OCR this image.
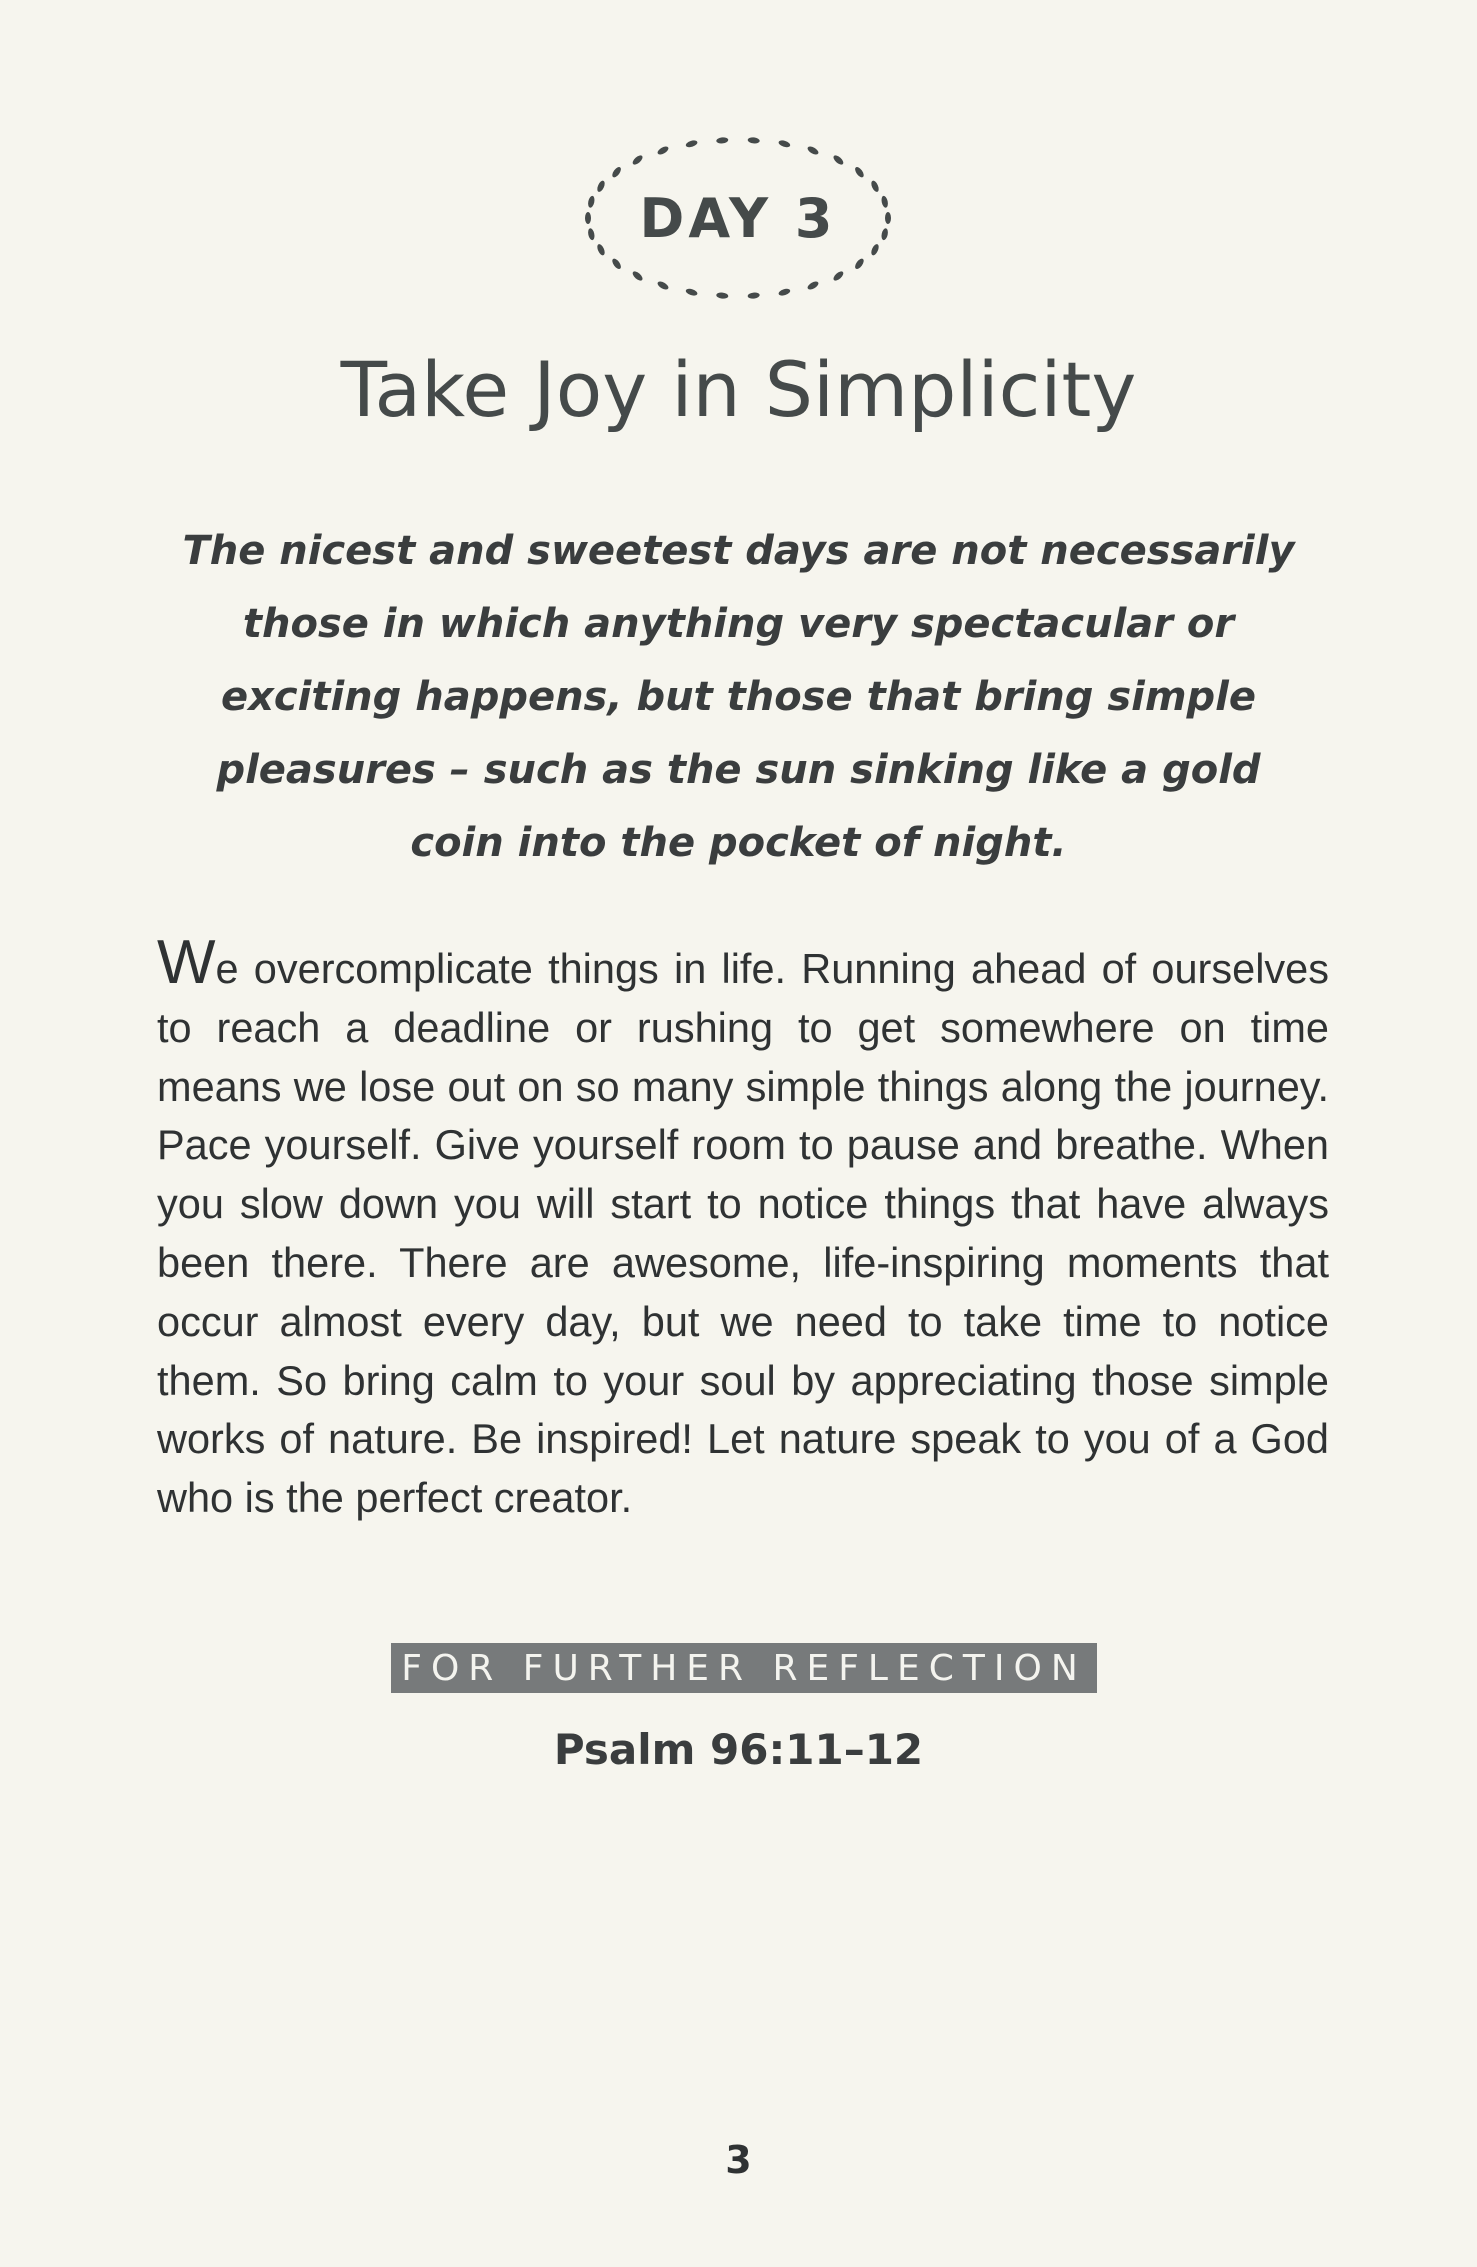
DAY 3
Take Joy in Simplicity

The nicest and sweetest days are not necessarily those in which anything very spectacular or exciting happens, but those that bring simple pleasures – such as the sun sinking like a gold coin into the pocket of night.

We overcomplicate things in life. Running ahead of ourselves to reach a deadline or rushing to get somewhere on time means we lose out on so many simple things along the journey. Pace yourself. Give yourself room to pause and breathe. When you slow down you will start to notice things that have always been there. There are awesome, life-inspiring moments that occur almost every day, but we need to take time to notice them. So bring calm to your soul by appreciating those simple works of nature. Be inspired! Let nature speak to you of a God who is the perfect creator.

FOR FURTHER REFLECTION
Psalm 96:11–12
3
